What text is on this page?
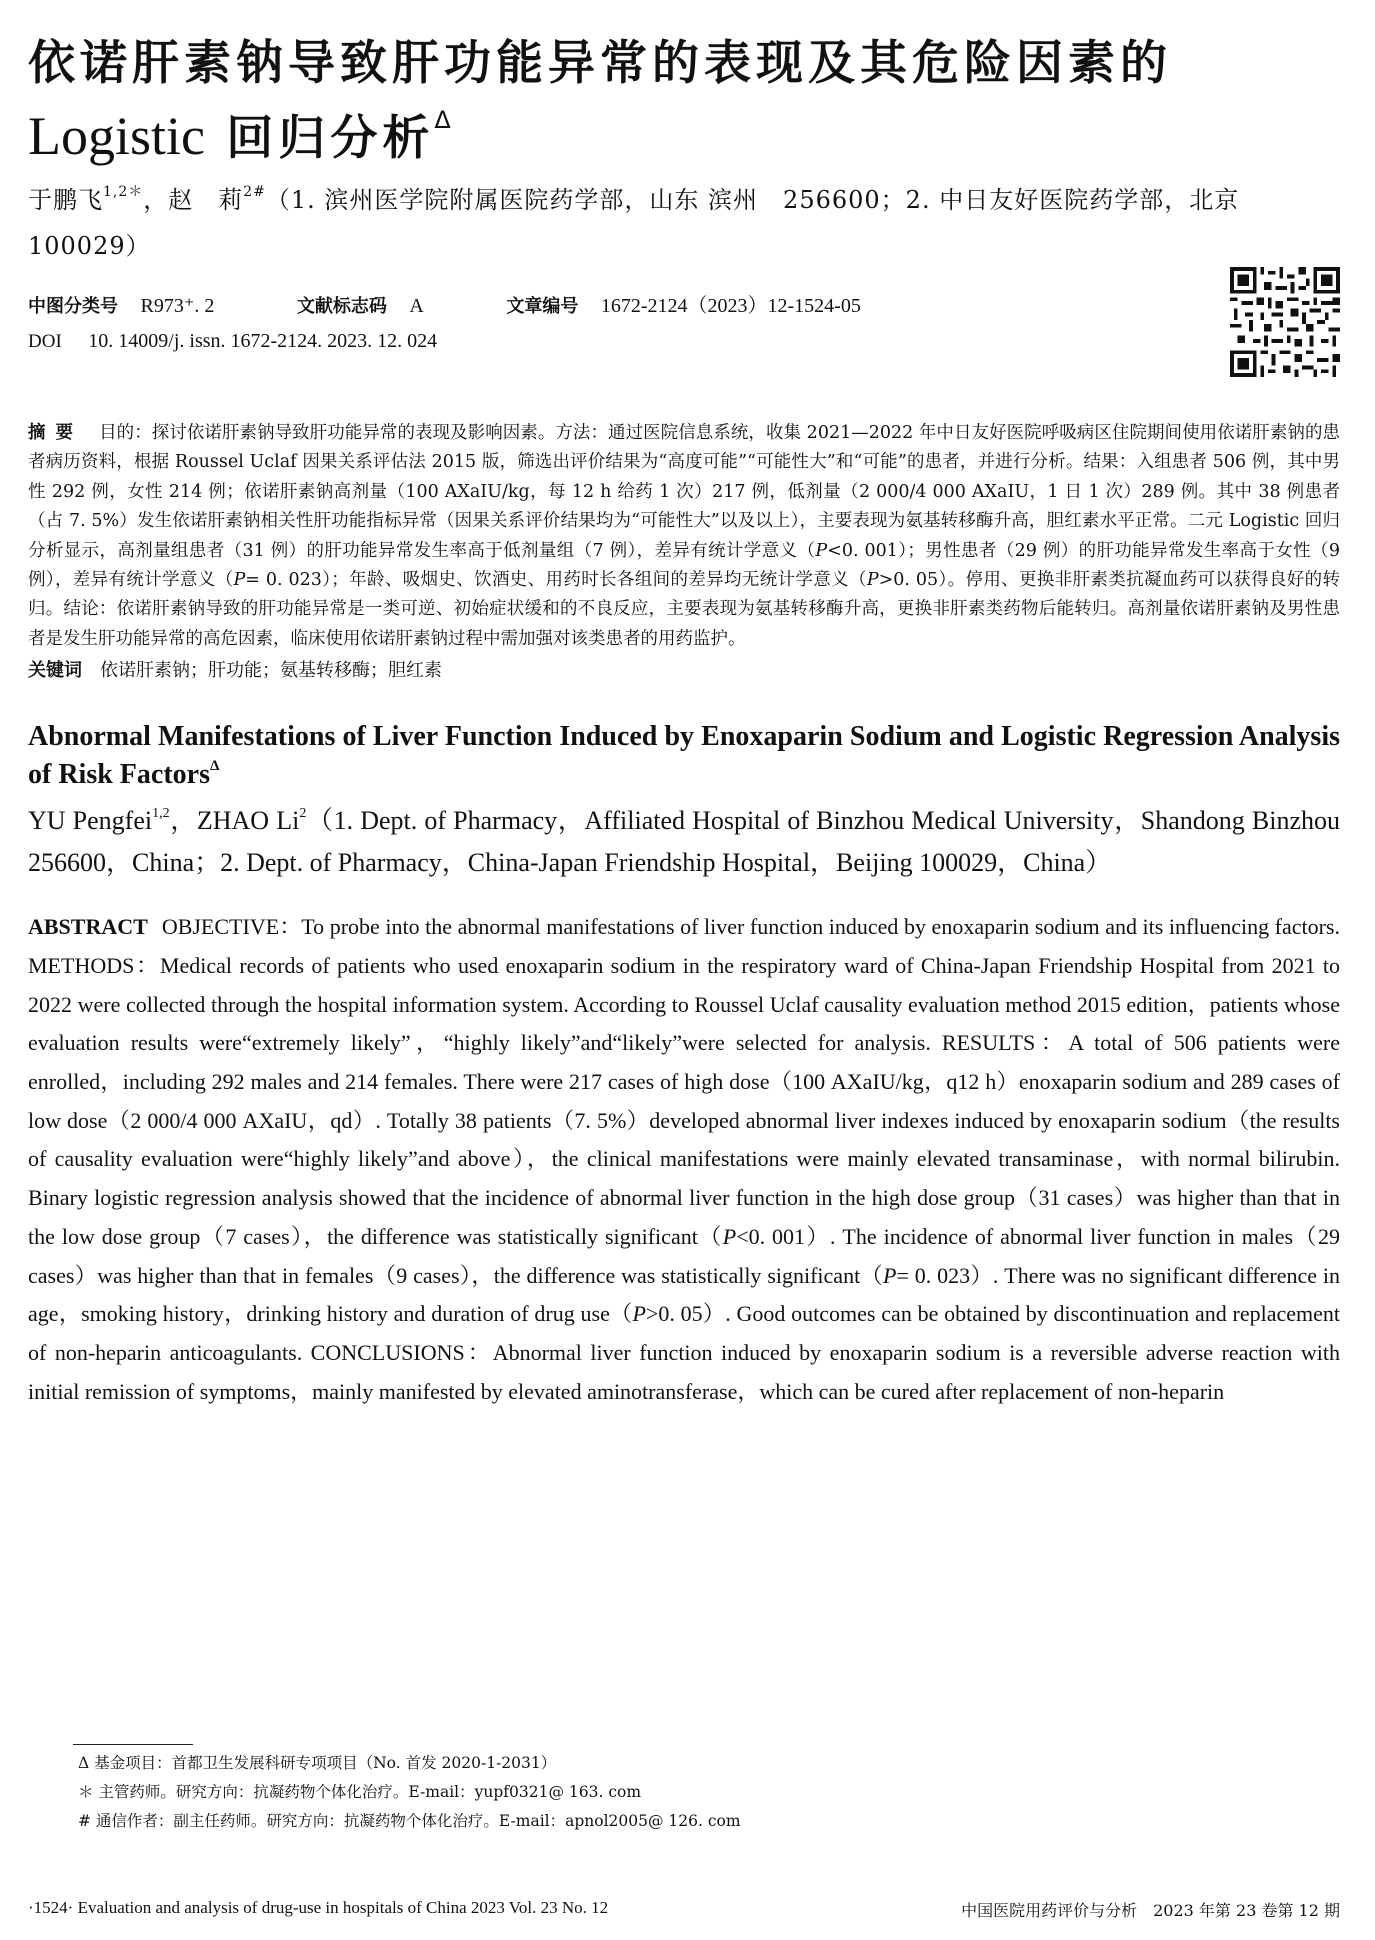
依诺肝素钠导致肝功能异常的表现及其危险因素的
Logistic 回归分析$^\Delta$
于鹏飞$^{1,2*}$，赵　莉$^{2\#}$（1. 滨州医学院附属医院药学部，山东 滨州　256600；2. 中日友好医院药学部，北京
100029）
中图分类号 R973⁺. 2	文献标志码 A	文章编号 1672-2124（2023）12-1524-05
DOI 10. 14009/j. issn. 1672-2124. 2023. 12. 024
摘要 目的：探讨依诺肝素钠导致肝功能异常的表现及影响因素。方法：通过医院信息系统，收集 2021—2022 年中日友好医院呼吸病区住院期间使用依诺肝素钠的患者病历资料，根据 Roussel Uclaf 因果关系评估法 2015 版，筛选出评价结果为“高度可能”“可能性大”和“可能”的患者，并进行分析。结果：入组患者 506 例，其中男性 292 例，女性 214 例；依诺肝素钠高剂量（100 AXaIU/kg，每 12 h 给药 1 次）217 例，低剂量（2 000/4 000 AXaIU，1 日 1 次）289 例。其中 38 例患者（占 7. 5%）发生依诺肝素钠相关性肝功能指标异常（因果关系评价结果均为“可能性大”以及以上），主要表现为氨基转移酶升高，胆红素水平正常。二元 Logistic 回归分析显示，高剂量组患者（31 例）的肝功能异常发生率高于低剂量组（7 例），差异有统计学意义（P<0. 001）；男性患者（29 例）的肝功能异常发生率高于女性（9 例），差异有统计学意义（P= 0. 023）；年龄、吸烟史、饮酒史、用药时长各组间的差异均无统计学意义（P>0. 05）。停用、更换非肝素类抗凝血药可以获得良好的转归。结论：依诺肝素钠导致的肝功能异常是一类可逆、初始症状缓和的不良反应，主要表现为氨基转移酶升高，更换非肝素类药物后能转归。高剂量依诺肝素钠及男性患者是发生肝功能异常的高危因素，临床使用依诺肝素钠过程中需加强对该类患者的用药监护。
关键词 依诺肝素钠；肝功能；氨基转移酶；胆红素
Abnormal Manifestations of Liver Function Induced by Enoxaparin Sodium and Logistic Regression Analysis of Risk Factors$^\Delta$
YU Pengfei$^{1,2}$，ZHAO Li$^2$（1. Dept. of Pharmacy，Affiliated Hospital of Binzhou Medical University，Shandong Binzhou 256600，China；2. Dept. of Pharmacy，China-Japan Friendship Hospital，Beijing 100029，China）
ABSTRACT OBJECTIVE：To probe into the abnormal manifestations of liver function induced by enoxaparin sodium and its influencing factors. METHODS：Medical records of patients who used enoxaparin sodium in the respiratory ward of China-Japan Friendship Hospital from 2021 to 2022 were collected through the hospital information system. According to Roussel Uclaf causality evaluation method 2015 edition，patients whose evaluation results were“extremely likely”，“highly likely”and“likely”were selected for analysis. RESULTS：A total of 506 patients were enrolled，including 292 males and 214 females. There were 217 cases of high dose（100 AXaIU/kg，q12 h）enoxaparin sodium and 289 cases of low dose（2 000/4 000 AXaIU，qd）. Totally 38 patients（7. 5%）developed abnormal liver indexes induced by enoxaparin sodium（the results of causality evaluation were“highly likely”and above），the clinical manifestations were mainly elevated transaminase，with normal bilirubin. Binary logistic regression analysis showed that the incidence of abnormal liver function in the high dose group（31 cases）was higher than that in the low dose group（7 cases），the difference was statistically significant（P<0. 001）. The incidence of abnormal liver function in males（29 cases）was higher than that in females（9 cases），the difference was statistically significant（P= 0. 023）. There was no significant difference in age，smoking history，drinking history and duration of drug use（P>0. 05）. Good outcomes can be obtained by discontinuation and replacement of non-heparin anticoagulants. CONCLUSIONS：Abnormal liver function induced by enoxaparin sodium is a reversible adverse reaction with initial remission of symptoms，mainly manifested by elevated aminotransferase，which can be cured after replacement of non-heparin
Δ 基金项目：首都卫生发展科研专项项目（No. 首发 2020-1-2031）
＊ 主管药师。研究方向：抗凝药物个体化治疗。E-mail：yupf0321@ 163. com
# 通信作者：副主任药师。研究方向：抗凝药物个体化治疗。E-mail：apnol2005@ 126. com
·1524· Evaluation and analysis of drug-use in hospitals of China 2023 Vol. 23 No. 12	中国医院用药评价与分析　2023 年第 23 卷第 12 期
